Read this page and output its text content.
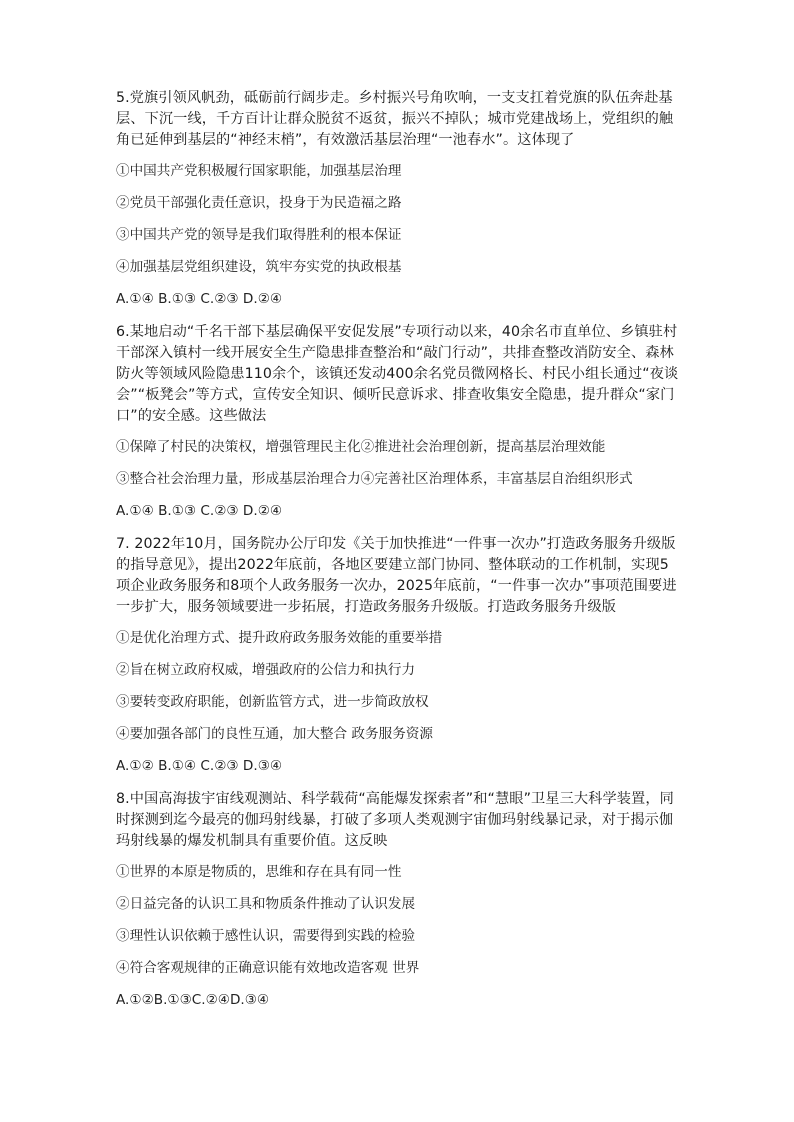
5.党旗引领风帆劲，砥砺前行阔步走。乡村振兴号角吹响，一支支扛着党旗的队伍奔赴基层、下沉一线，千方百计让群众脱贫不返贫，振兴不掉队；城市党建战场上，党组织的触角已延伸到基层的“神经末梢”，有效激活基层治理“一池春水”。这体现了

①中国共产党积极履行国家职能，加强基层治理

②党员干部强化责任意识，投身于为民造福之路

③中国共产党的领导是我们取得胜利的根本保证

④加强基层党组织建设，筑牢夯实党的执政根基

A.①④ B.①③ C.②③ D.②④

6.某地启动“千名干部下基层确保平安促发展”专项行动以来，40余名市直单位、乡镇驻村干部深入镇村一线开展安全生产隐患排查整治和“敲门行动”，共排查整改消防安全、森林防火等领域风险隐患110余个，该镇还发动400余名党员微网格长、村民小组长通过“夜谈会”“板凳会”等方式，宣传安全知识、倾听民意诉求、排查收集安全隐患，提升群众“家门口”的安全感。这些做法

①保障了村民的决策权，增强管理民主化②推进社会治理创新，提高基层治理效能

③整合社会治理力量，形成基层治理合力④完善社区治理体系，丰富基层自治组织形式

A.①④ B.①③ C.②③ D.②④

7. 2022年10月，国务院办公厅印发《关于加快推进“一件事一次办”打造政务服务升级版的指导意见》，提出2022年底前，各地区要建立部门协同、整体联动的工作机制，实现5项企业政务服务和8项个人政务服务一次办，2025年底前，“一件事一次办”事项范围要进一步扩大，服务领域要进一步拓展，打造政务服务升级版。打造政务服务升级版

①是优化治理方式、提升政府政务服务效能的重要举措

②旨在树立政府权威，增强政府的公信力和执行力

③要转变政府职能，创新监管方式，进一步简政放权

④要加强各部门的良性互通，加大整合 政务服务资源

A.①② B.①④ C.②③ D.③④

8.中国高海拔宇宙线观测站、科学载荷“高能爆发探索者”和“慧眼”卫星三大科学装置，同时探测到迄今最亮的伽玛射线暴，打破了多项人类观测宇宙伽玛射线暴记录，对于揭示伽玛射线暴的爆发机制具有重要价值。这反映

①世界的本原是物质的，思维和存在具有同一性

②日益完备的认识工具和物质条件推动了认识发展

③理性认识依赖于感性认识，需要得到实践的检验

④符合客观规律的正确意识能有效地改造客观 世界

A.①②B.①③C.②④D.③④
